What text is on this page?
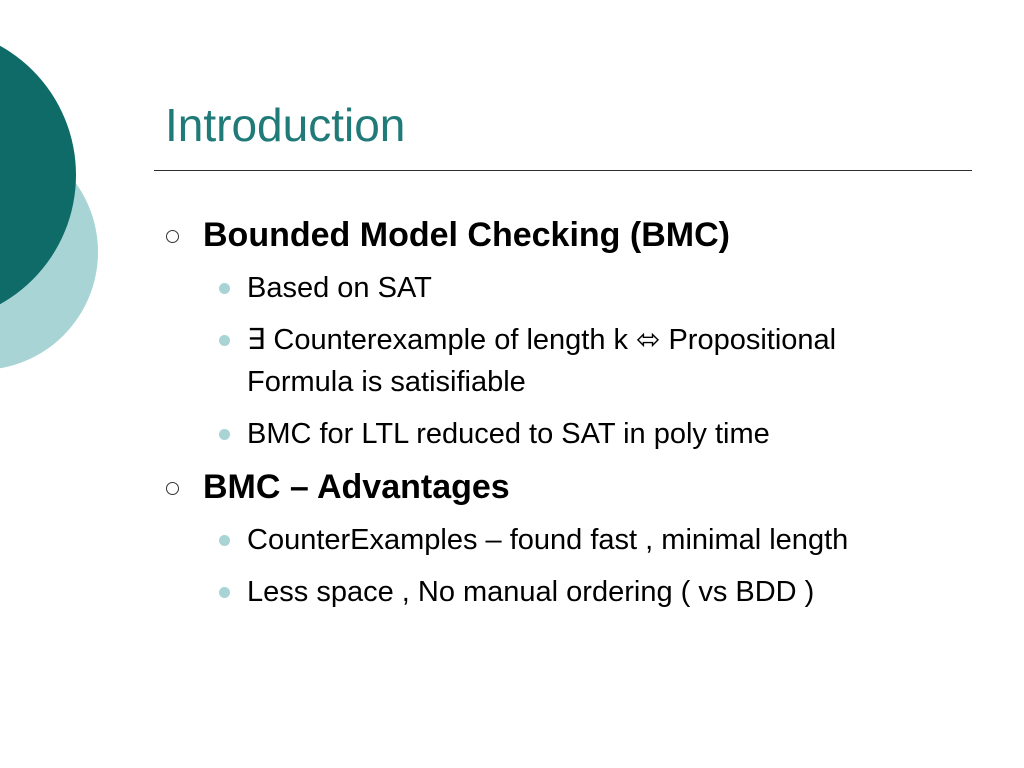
Introduction
Bounded Model Checking (BMC)
Based on SAT
∃ Counterexample of length k ⬄ Propositional Formula is satisifiable
BMC for LTL reduced to SAT in poly time
BMC – Advantages
CounterExamples – found fast , minimal length
Less space , No manual ordering ( vs BDD )
